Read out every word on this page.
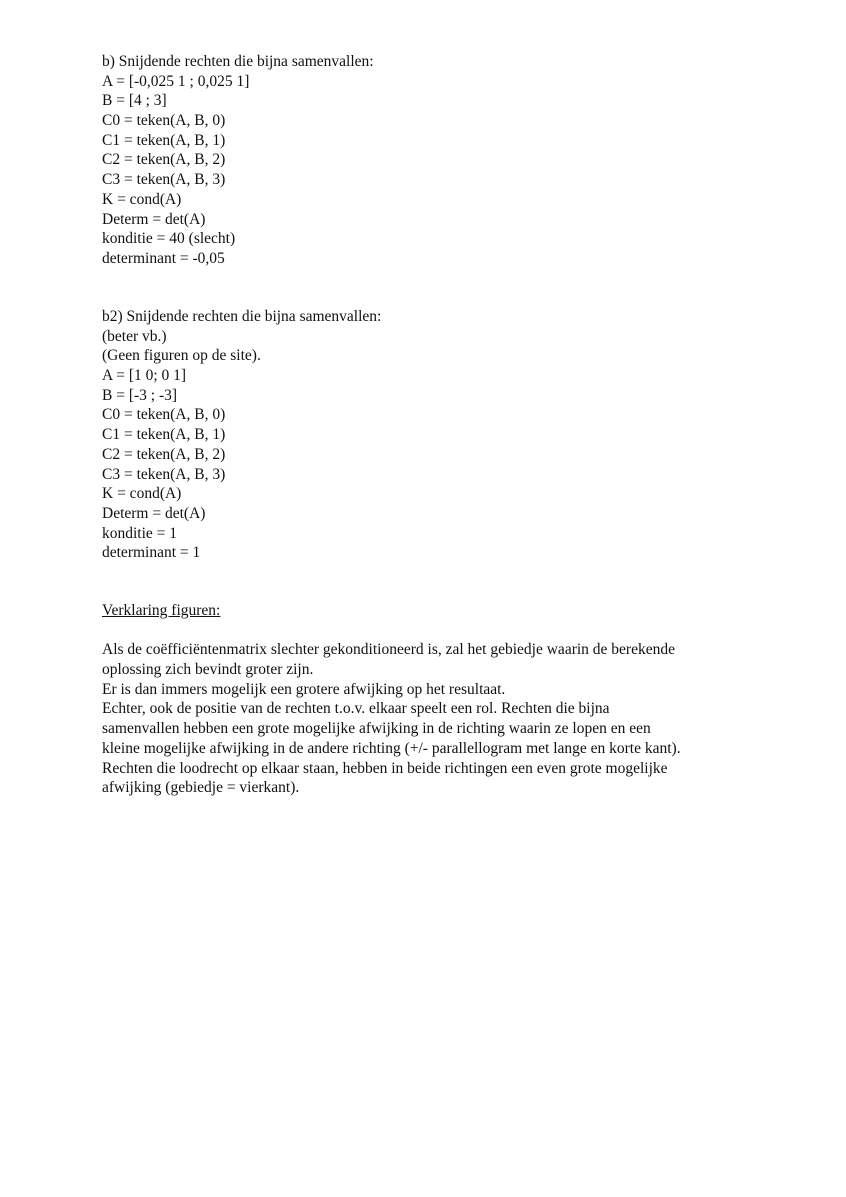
b) Snijdende rechten die bijna samenvallen:
A = [-0,025 1 ; 0,025 1]
B = [4 ; 3]
C0 = teken(A, B, 0)
C1 = teken(A, B, 1)
C2 = teken(A, B, 2)
C3 = teken(A, B, 3)
K = cond(A)
Determ = det(A)
konditie = 40 (slecht)
determinant = -0,05
b2) Snijdende rechten die bijna samenvallen:
(beter vb.)
(Geen figuren op de site).
A = [1 0; 0 1]
B = [-3 ; -3]
C0 = teken(A, B, 0)
C1 = teken(A, B, 1)
C2 = teken(A, B, 2)
C3 = teken(A, B, 3)
K = cond(A)
Determ = det(A)
konditie = 1
determinant = 1
Verklaring figuren:
Als de coëfficiëntenmatrix slechter gekonditioneerd is, zal het gebiedje waarin de berekende
oplossing zich bevindt groter zijn.
Er is dan immers mogelijk een grotere afwijking op het resultaat.
Echter, ook de positie van de rechten t.o.v. elkaar speelt een rol. Rechten die bijna
samenvallen hebben een grote mogelijke afwijking in de richting waarin ze lopen en een
kleine mogelijke afwijking in de andere richting (+/- parallellogram met lange en korte kant).
Rechten die loodrecht op elkaar staan, hebben in beide richtingen een even grote mogelijke
afwijking (gebiedje = vierkant).
